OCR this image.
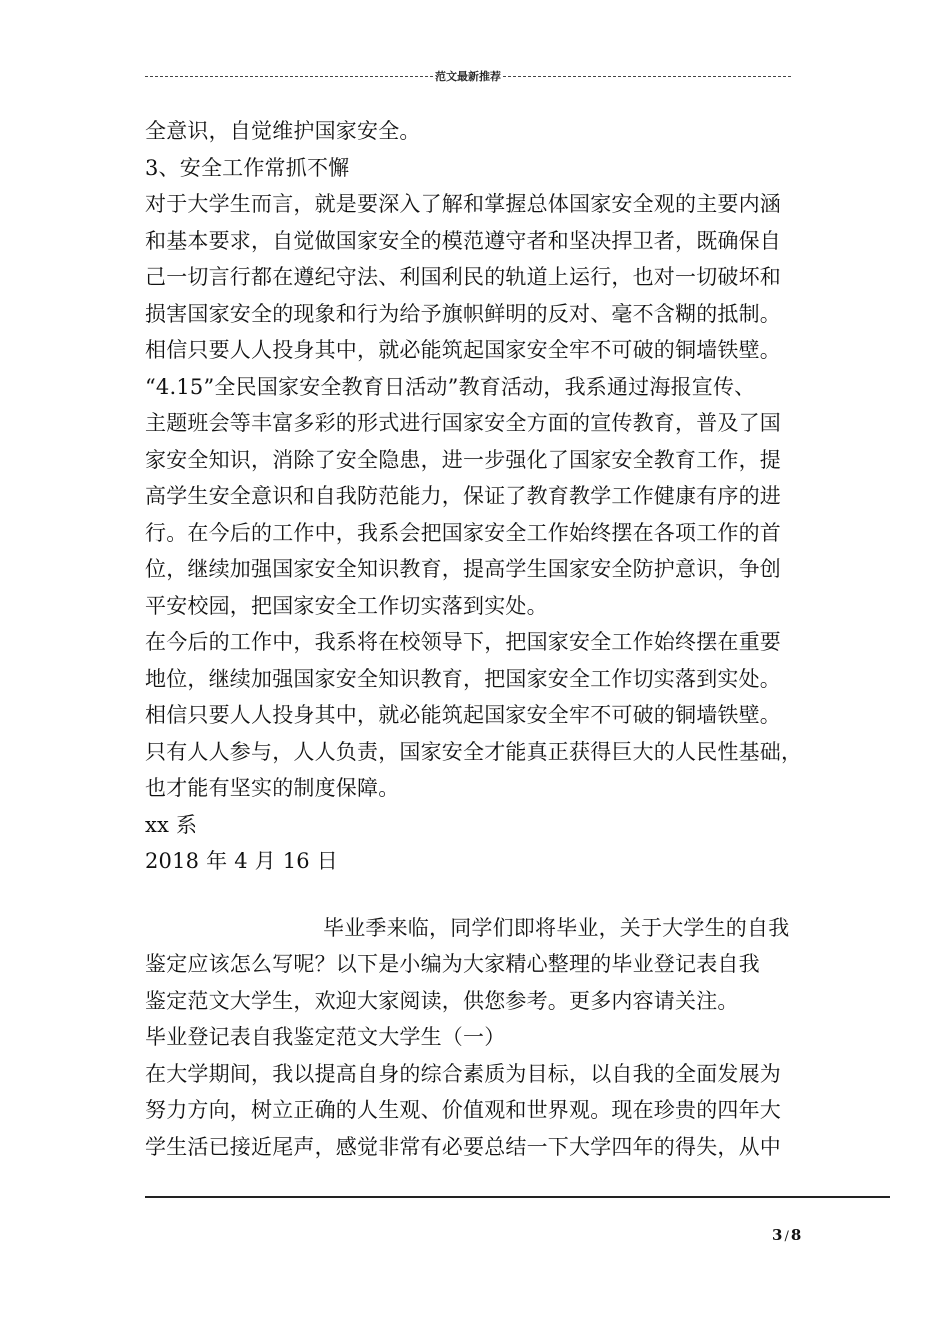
范文最新推荐
全意识，自觉维护国家安全。
3、安全工作常抓不懈
对于大学生而言，就是要深入了解和掌握总体国家安全观的主要内涵
和基本要求，自觉做国家安全的模范遵守者和坚决捍卫者，既确保自
己一切言行都在遵纪守法、利国利民的轨道上运行，也对一切破坏和
损害国家安全的现象和行为给予旗帜鲜明的反对、毫不含糊的抵制。
相信只要人人投身其中，就必能筑起国家安全牢不可破的铜墙铁壁。
“4.15”全民国家安全教育日活动”教育活动，我系通过海报宣传、
主题班会等丰富多彩的形式进行国家安全方面的宣传教育，普及了国
家安全知识，消除了安全隐患，进一步强化了国家安全教育工作，提
高学生安全意识和自我防范能力，保证了教育教学工作健康有序的进
行。在今后的工作中，我系会把国家安全工作始终摆在各项工作的首
位，继续加强国家安全知识教育，提高学生国家安全防护意识，争创
平安校园，把国家安全工作切实落到实处。
在今后的工作中，我系将在校领导下，把国家安全工作始终摆在重要
地位，继续加强国家安全知识教育，把国家安全工作切实落到实处。
相信只要人人投身其中，就必能筑起国家安全牢不可破的铜墙铁壁。
只有人人参与，人人负责，国家安全才能真正获得巨大的人民性基础，
也才能有坚实的制度保障。
xx 系
2018 年 4 月 16 日
毕业季来临，同学们即将毕业，关于大学生的自我
鉴定应该怎么写呢？以下是小编为大家精心整理的毕业登记表自我
鉴定范文大学生，欢迎大家阅读，供您参考。更多内容请关注。
毕业登记表自我鉴定范文大学生（一）
在大学期间，我以提高自身的综合素质为目标，以自我的全面发展为
努力方向，树立正确的人生观、价值观和世界观。现在珍贵的四年大
学生活已接近尾声，感觉非常有必要总结一下大学四年的得失，从中
3 / 8
